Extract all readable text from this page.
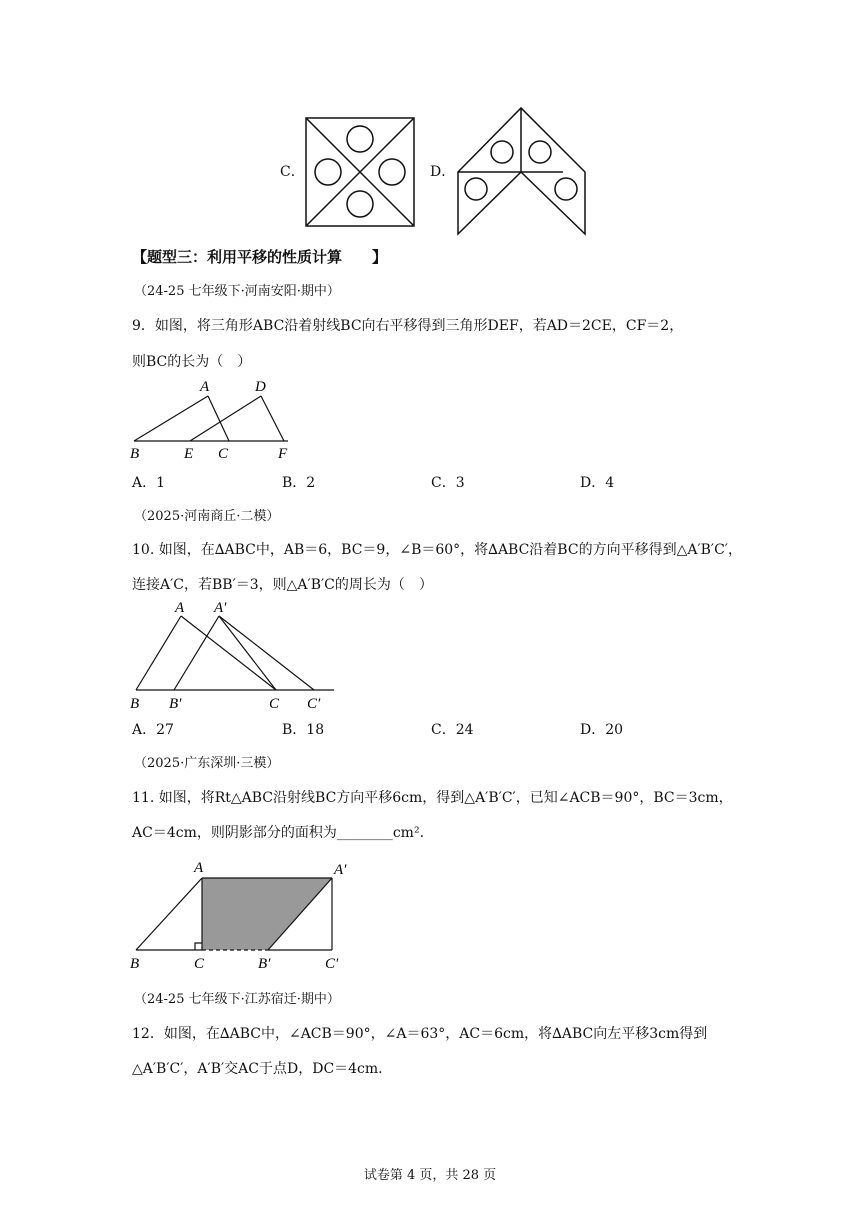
C．	D．
【题型三：利用平移的性质计算　　】
（24-25 七年级下·河南安阳·期中）
9．如图，将三角形ABC沿着射线BC向右平移得到三角形DEF，若AD＝2CE，CF＝2，
则BC的长为（　）
A	D
B	E C	F
A．1	B．2	C．3	D．4
（2025·河南商丘·二模）
10. 如图，在∆ABC中，AB＝6，BC＝9，∠B＝60°，将∆ABC沿着BC的方向平移得到△A′B′C′，
连接A′C，若BB′＝3，则△A′B′C的周长为（　）
A A′
B B′	C C′
A．27	B．18	C．24	D．20
（2025·广东深圳·三模）
11. 如图，将Rt△ABC沿射线BC方向平移6cm，得到△A′B′C′，已知∠ACB＝90°，BC＝3cm，
AC＝4cm，则阴影部分的面积为________cm².
A	A′
B	C	B′	C′
（24-25 七年级下·江苏宿迁·期中）
12．如图，在∆ABC中，∠ACB＝90°，∠A＝63°，AC＝6cm，将∆ABC向左平移3cm得到
△A′B′C′，A′B′交AC于点D，DC＝4cm.
试卷第 4 页，共 28 页
